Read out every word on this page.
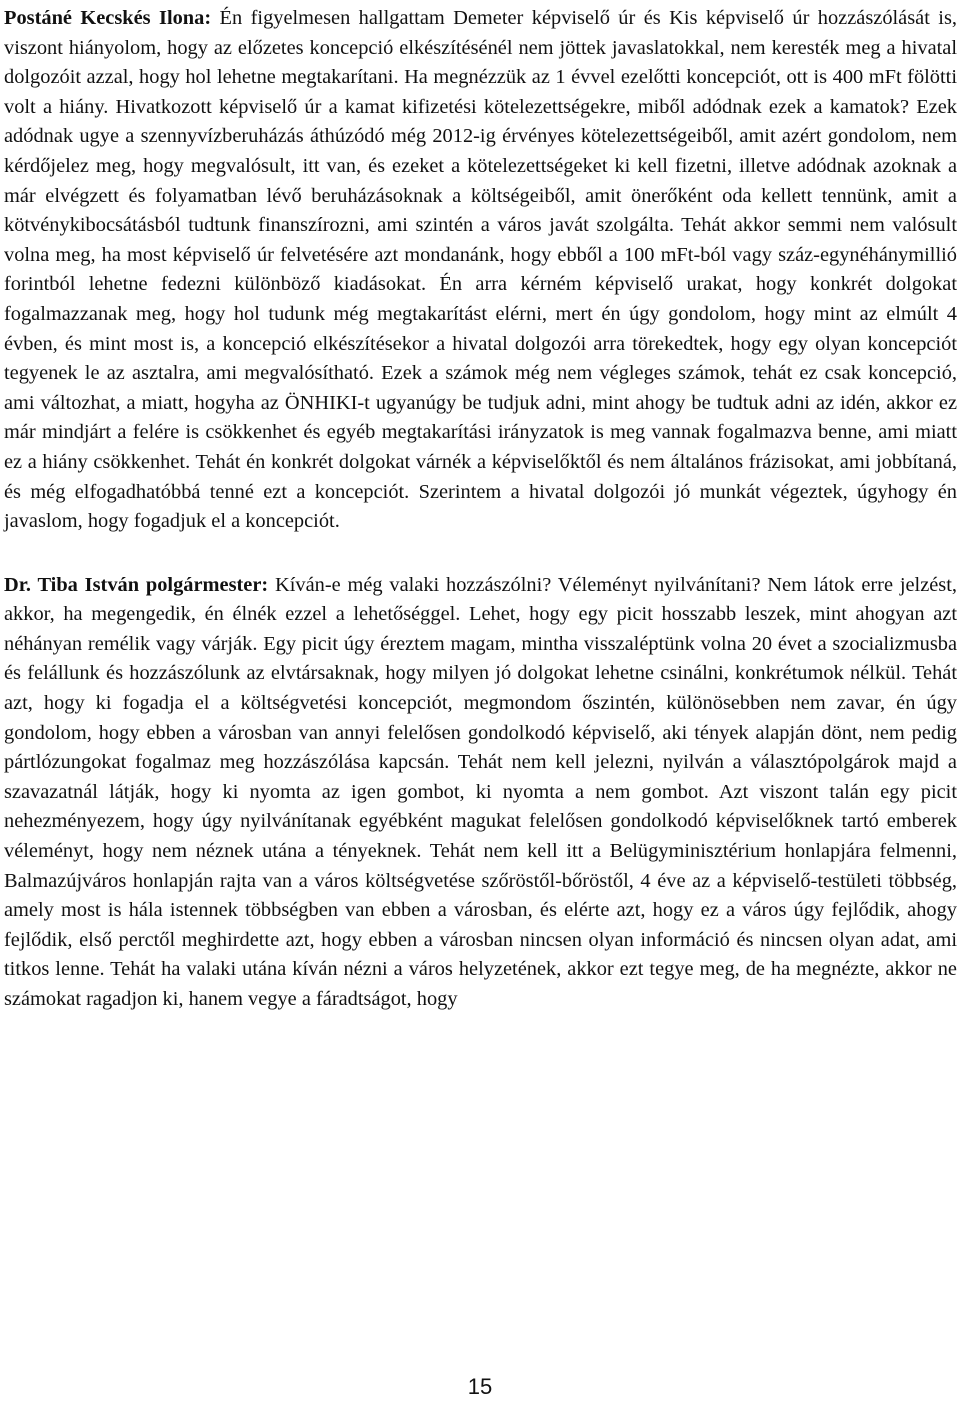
Postáné Kecskés Ilona: Én figyelmesen hallgattam Demeter képviselő úr és Kis képviselő úr hozzászólását is, viszont hiányolom, hogy az előzetes koncepció elkészítésénél nem jöttek javaslatokkal, nem keresték meg a hivatal dolgozóit azzal, hogy hol lehetne megtakarítani. Ha megnézzük az 1 évvel ezelőtti koncepciót, ott is 400 mFt fölötti volt a hiány. Hivatkozott képviselő úr a kamat kifizetési kötelezettségekre, miből adódnak ezek a kamatok? Ezek adódnak ugye a szennyvízberuházás áthúzódó még 2012-ig érvényes kötelezettségeiből, amit azért gondolom, nem kérdőjelez meg, hogy megvalósult, itt van, és ezeket a kötelezettségeket ki kell fizetni, illetve adódnak azoknak a már elvégzett és folyamatban lévő beruházásoknak a költségeiből, amit önerőként oda kellett tennünk, amit a kötvénykibocsátásból tudtunk finanszírozni, ami szintén a város javát szolgálta. Tehát akkor semmi nem valósult volna meg, ha most képviselő úr felvetésére azt mondanánk, hogy ebből a 100 mFt-ból vagy száz-egynéhánymillió forintból lehetne fedezni különböző kiadásokat. Én arra kérném képviselő urakat, hogy konkrét dolgokat fogalmazzanak meg, hogy hol tudunk még megtakarítást elérni, mert én úgy gondolom, hogy mint az elmúlt 4 évben, és mint most is, a koncepció elkészítésekor a hivatal dolgozói arra törekedtek, hogy egy olyan koncepciót tegyenek le az asztalra, ami megvalósítható. Ezek a számok még nem végleges számok, tehát ez csak koncepció, ami változhat, a miatt, hogyha az ÖNHIKI-t ugyanúgy be tudjuk adni, mint ahogy be tudtuk adni az idén, akkor ez már mindjárt a felére is csökkenhet és egyéb megtakarítási irányzatok is meg vannak fogalmazva benne, ami miatt ez a hiány csökkenhet. Tehát én konkrét dolgokat várnék a képviselőktől és nem általános frázisokat, ami jobbítaná, és még elfogadhatóbbá tenné ezt a koncepciót. Szerintem a hivatal dolgozói jó munkát végeztek, úgyhogy én javaslom, hogy fogadjuk el a koncepciót.

Dr. Tiba István polgármester: Kíván-e még valaki hozzászólni? Véleményt nyilvánítani? Nem látok erre jelzést, akkor, ha megengedik, én élnék ezzel a lehetőséggel. Lehet, hogy egy picit hosszabb leszek, mint ahogyan azt néhányan remélik vagy várják. Egy picit úgy éreztem magam, mintha visszaléptünk volna 20 évet a szocializmusba és felállunk és hozzászólunk az elvtársaknak, hogy milyen jó dolgokat lehetne csinálni, konkrétumok nélkül. Tehát azt, hogy ki fogadja el a költségvetési koncepciót, megmondom őszintén, különösebben nem zavar, én úgy gondolom, hogy ebben a városban van annyi felelősen gondolkodó képviselő, aki tények alapján dönt, nem pedig pártlózungokat fogalmaz meg hozzászólása kapcsán. Tehát nem kell jelezni, nyilván a választópolgárok majd a szavazatnál látják, hogy ki nyomta az igen gombot, ki nyomta a nem gombot. Azt viszont talán egy picit nehezményezem, hogy úgy nyilvánítanak egyébként magukat felelősen gondolkodó képviselőknek tartó emberek véleményt, hogy nem néznek utána a tényeknek. Tehát nem kell itt a Belügyminisztérium honlapjára felmenni, Balmazújváros honlapján rajta van a város költségvetése szőröstől-bőröstől, 4 éve az a képviselő-testületi többség, amely most is hála istennek többségben van ebben a városban, és elérte azt, hogy ez a város úgy fejlődik, ahogy fejlődik, első perctől meghirdette azt, hogy ebben a városban nincsen olyan információ és nincsen olyan adat, ami titkos lenne. Tehát ha valaki utána kíván nézni a város helyzetének, akkor ezt tegye meg, de ha megnézte, akkor ne számokat ragadjon ki, hanem vegye a fáradtságot, hogy

15
